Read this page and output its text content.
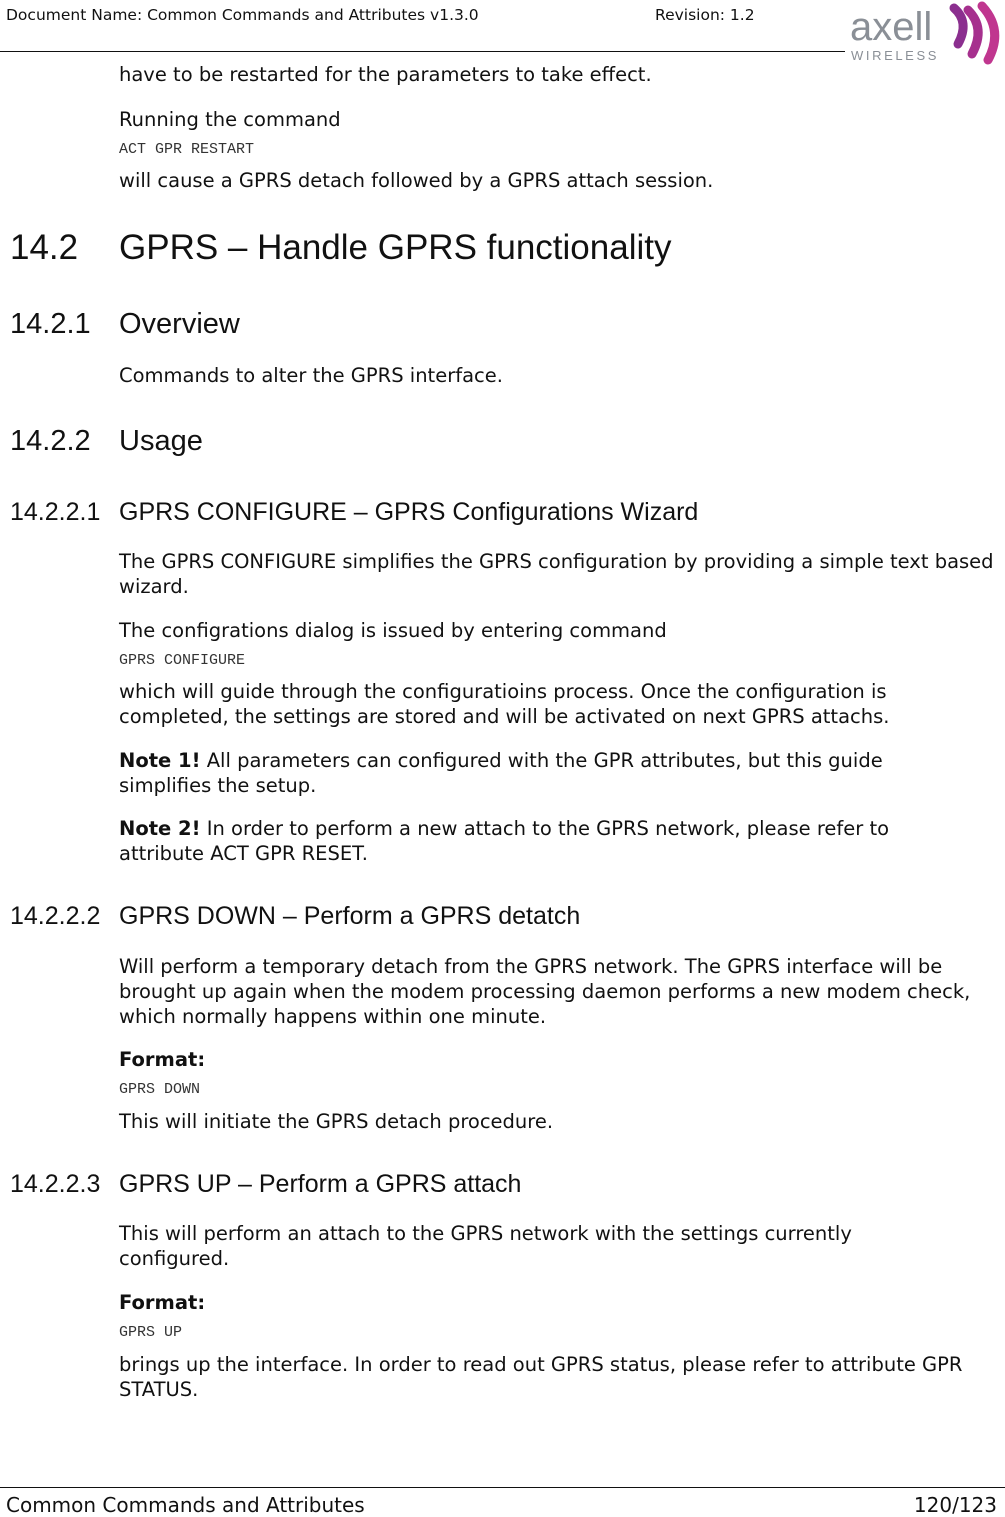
Document Name: Common Commands and Attributes v1.3.0	Revision: 1.2 axell
WIRELESS
have to be restarted for the parameters to take effect.
Running the command
ACT GPR RESTART
will cause a GPRS detach followed by a GPRS attach session.
14.2 GPRS – Handle GPRS functionality
14.2.1 Overview
Commands to alter the GPRS interface.
14.2.2 Usage
14.2.2.1 GPRS CONFIGURE – GPRS Configurations Wizard
The GPRS CONFIGURE simplifies the GPRS configuration by providing a simple text based wizard.
The configrations dialog is issued by entering command
GPRS CONFIGURE
which will guide through the configuratioins process. Once the configuration is completed, the settings are stored and will be activated on next GPRS attachs.
Note 1! All parameters can configured with the GPR attributes, but this guide simplifies the setup.
Note 2! In order to perform a new attach to the GPRS network, please refer to attribute ACT GPR RESET.
14.2.2.2 GPRS DOWN – Perform a GPRS detatch
Will perform a temporary detach from the GPRS network. The GPRS interface will be brought up again when the modem processing daemon performs a new modem check, which normally happens within one minute.
Format:
GPRS DOWN
This will initiate the GPRS detach procedure.
14.2.2.3 GPRS UP – Perform a GPRS attach
This will perform an attach to the GPRS network with the settings currently configured.
Format:
GPRS UP
brings up the interface. In order to read out GPRS status, please refer to attribute GPR STATUS.
Common Commands and Attributes	120/123
